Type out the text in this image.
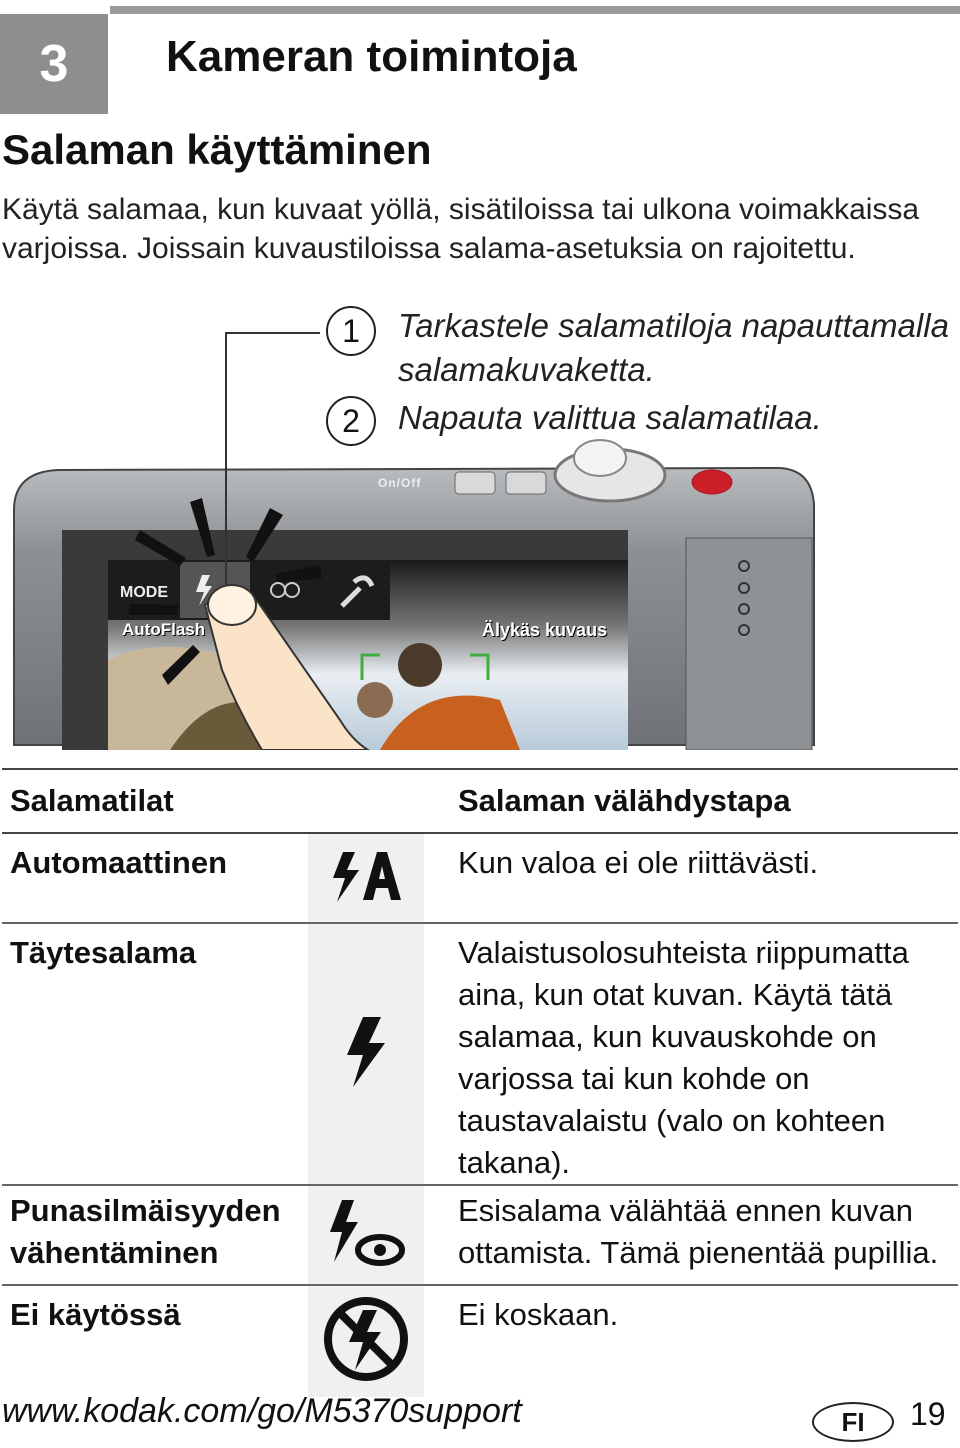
3	Kameran toimintoja
Salaman käyttäminen

Käytä salamaa, kun kuvaat yöllä, sisätiloissa tai ulkona voimakkaissa

varjoissa. Joissain kuvaustiloissa salama-asetuksia on rajoitettu.

1	Tarkastele salamatiloja napauttamalla
salamakuvaketta.
2	Napauta valittua salamatilaa.
On/Off
MODE
AutoFlash	Älykäs kuvaus
Salamatilat			Salaman välähdystapa
Automaattinen			Kun valoa ei ole riittävästi.
Täytesalama			Valaistusolosuhteista riippumatta aina, kun otat kuvan. Käytä tätä salamaa, kun kuvauskohde on varjossa tai kun kohde on taustavalaistu (valo on kohteen takana).

Punasilmäisyyden
vähentäminen			Esisalama välähtää ennen kuvan ottamista. Tämä pienentää pupillia.
Ei käytössä			Ei koskaan.
www.kodak.com/go/M5370support	FI	19
